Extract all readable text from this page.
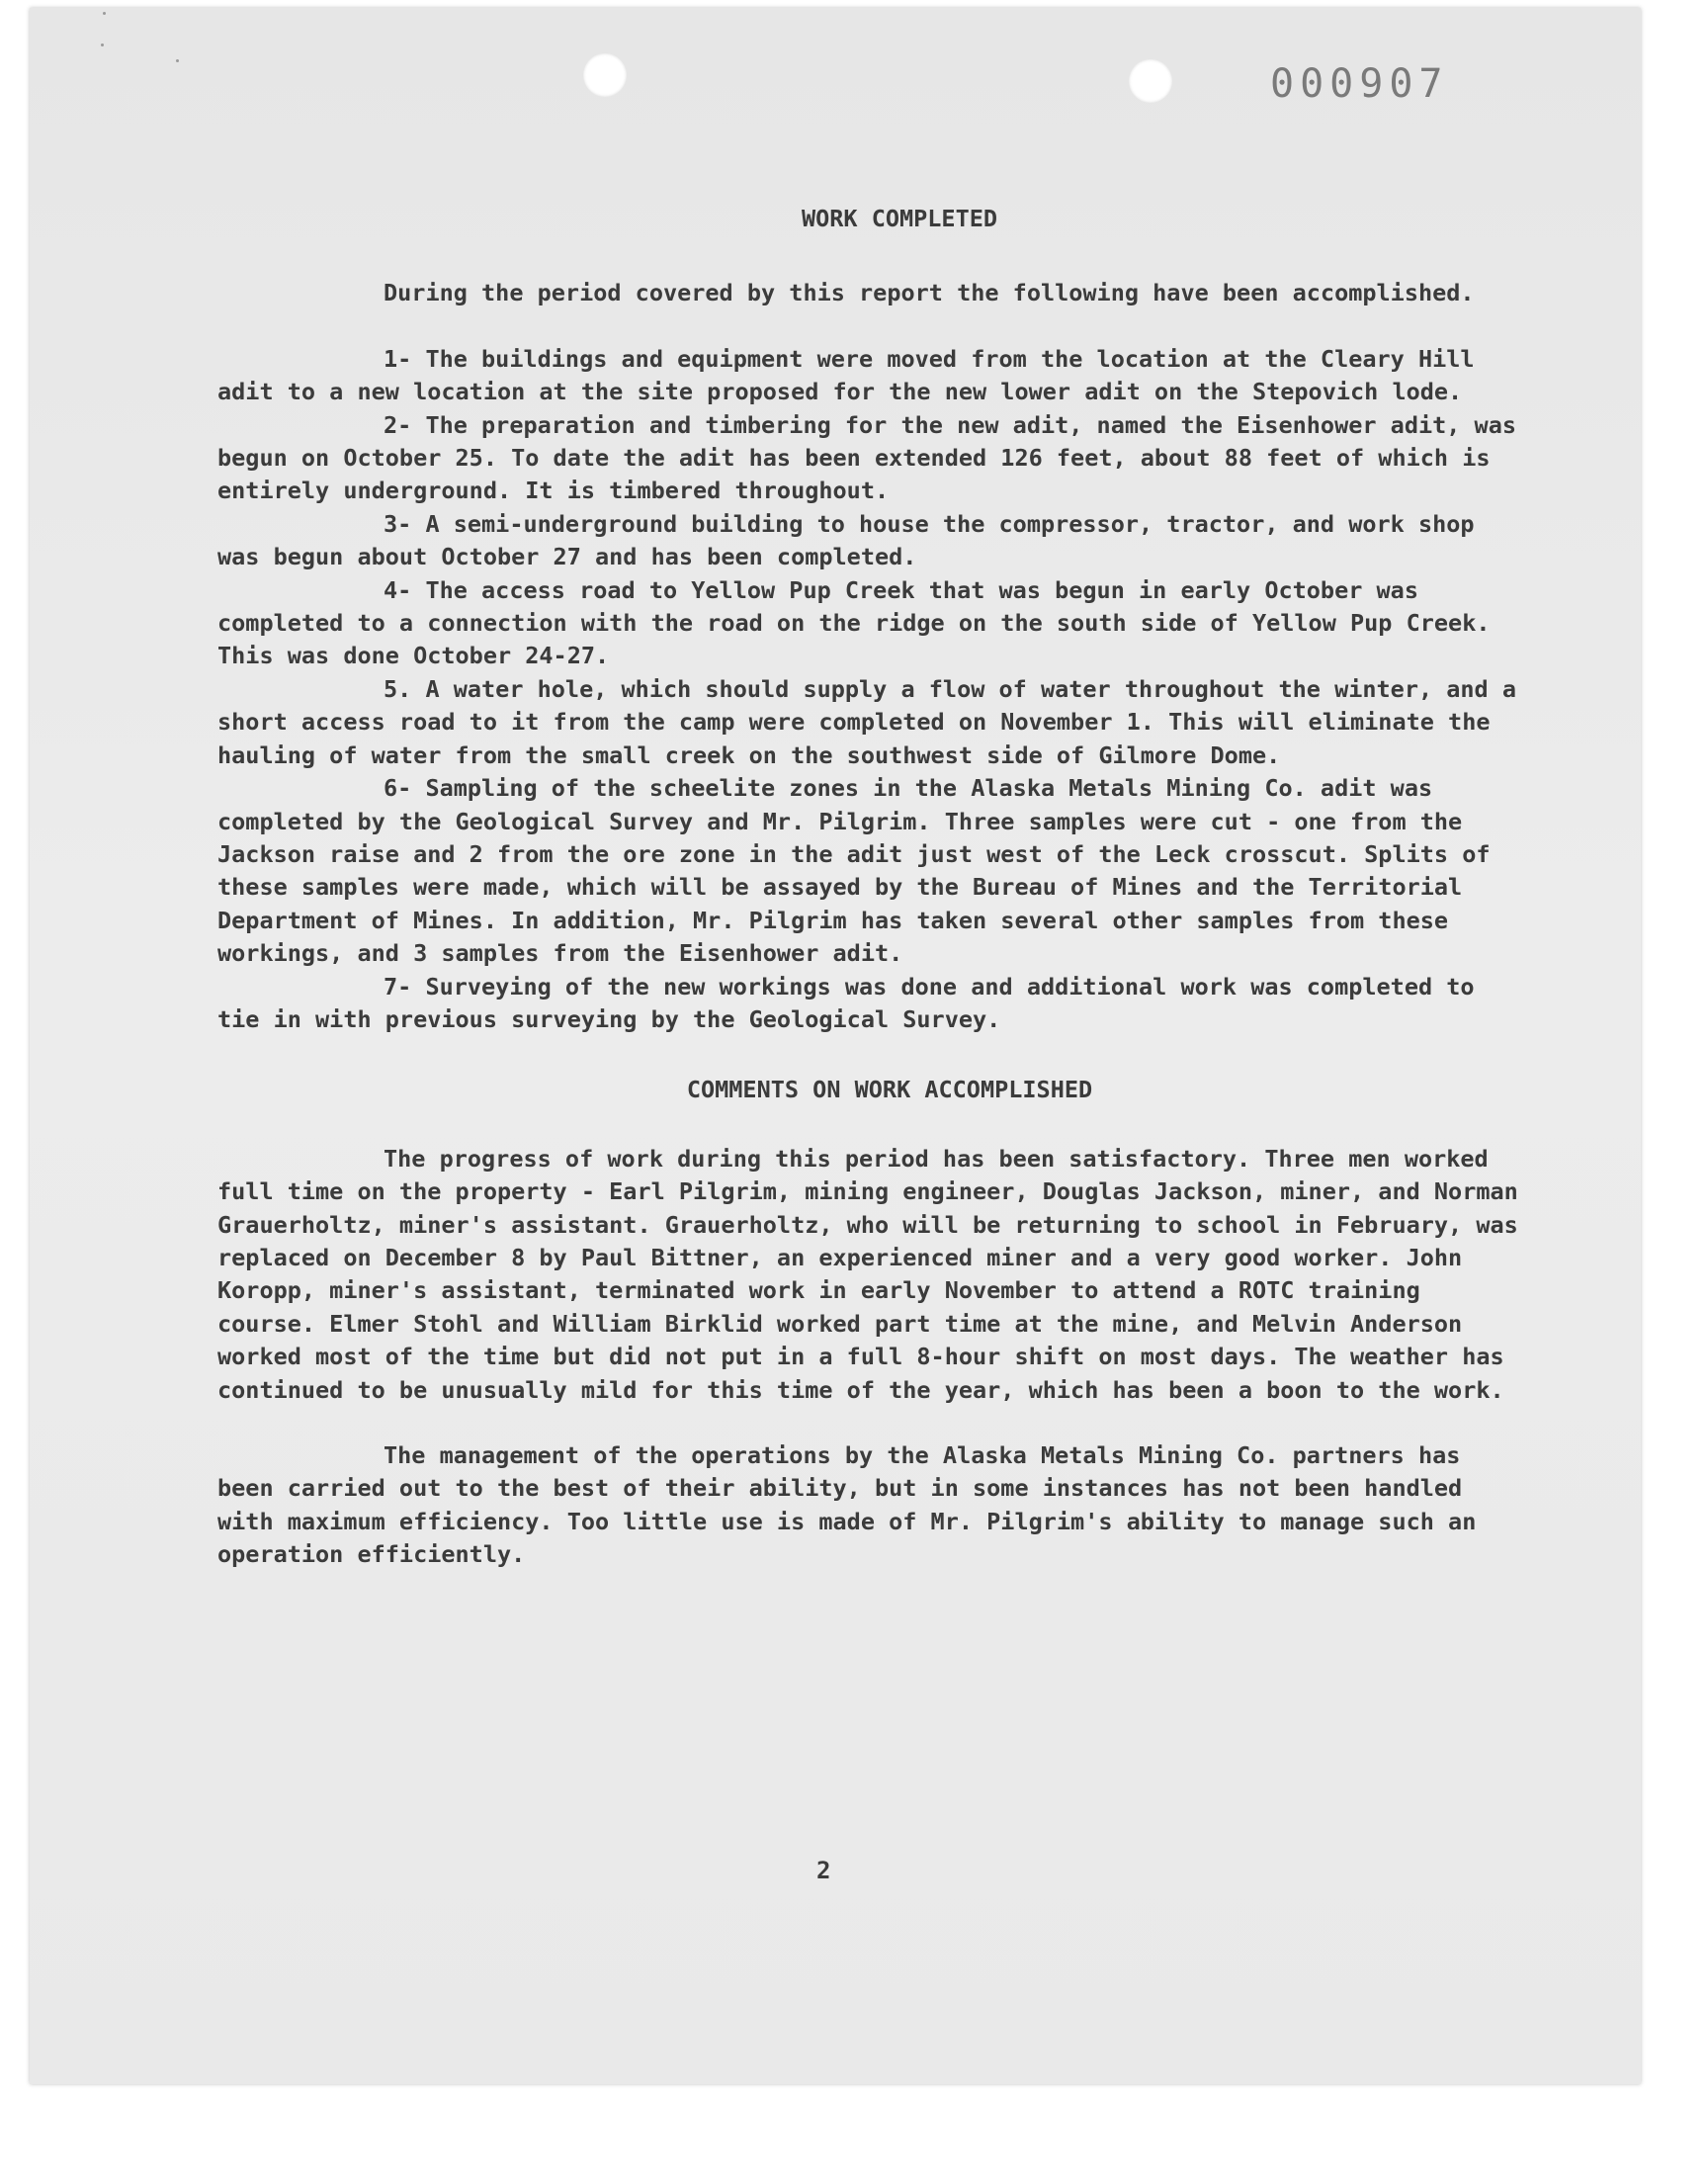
000907

WORK COMPLETED

During the period covered by this report the following have been accomplished.

1- The buildings and equipment were moved from the location at the Cleary Hill adit to a new location at the site proposed for the new lower adit on the Stepovich lode.

2- The preparation and timbering for the new adit, named the Eisenhower adit, was begun on October 25. To date the adit has been extended 126 feet, about 88 feet of which is entirely underground. It is timbered throughout.

3- A semi-underground building to house the compressor, tractor, and work shop was begun about October 27 and has been completed.

4- The access road to Yellow Pup Creek that was begun in early October was completed to a connection with the road on the ridge on the south side of Yellow Pup Creek. This was done October 24-27.

5. A water hole, which should supply a flow of water throughout the winter, and a short access road to it from the camp were completed on November 1. This will eliminate the hauling of water from the small creek on the southwest side of Gilmore Dome.

6- Sampling of the scheelite zones in the Alaska Metals Mining Co. adit was completed by the Geological Survey and Mr. Pilgrim. Three samples were cut - one from the Jackson raise and 2 from the ore zone in the adit just west of the Leck crosscut. Splits of these samples were made, which will be assayed by the Bureau of Mines and the Territorial Department of Mines. In addition, Mr. Pilgrim has taken several other samples from these workings, and 3 samples from the Eisenhower adit.

7- Surveying of the new workings was done and additional work was completed to tie in with previous surveying by the Geological Survey.

COMMENTS ON WORK ACCOMPLISHED

The progress of work during this period has been satisfactory. Three men worked full time on the property - Earl Pilgrim, mining engineer, Douglas Jackson, miner, and Norman Grauerholtz, miner's assistant. Grauerholtz, who will be returning to school in February, was replaced on December 8 by Paul Bittner, an experienced miner and a very good worker. John Koropp, miner's assistant, terminated work in early November to attend a ROTC training course. Elmer Stohl and William Birklid worked part time at the mine, and Melvin Anderson worked most of the time but did not put in a full 8-hour shift on most days. The weather has continued to be unusually mild for this time of the year, which has been a boon to the work.

The management of the operations by the Alaska Metals Mining Co. partners has been carried out to the best of their ability, but in some instances has not been handled with maximum efficiency. Too little use is made of Mr. Pilgrim's ability to manage such an operation efficiently.

2
